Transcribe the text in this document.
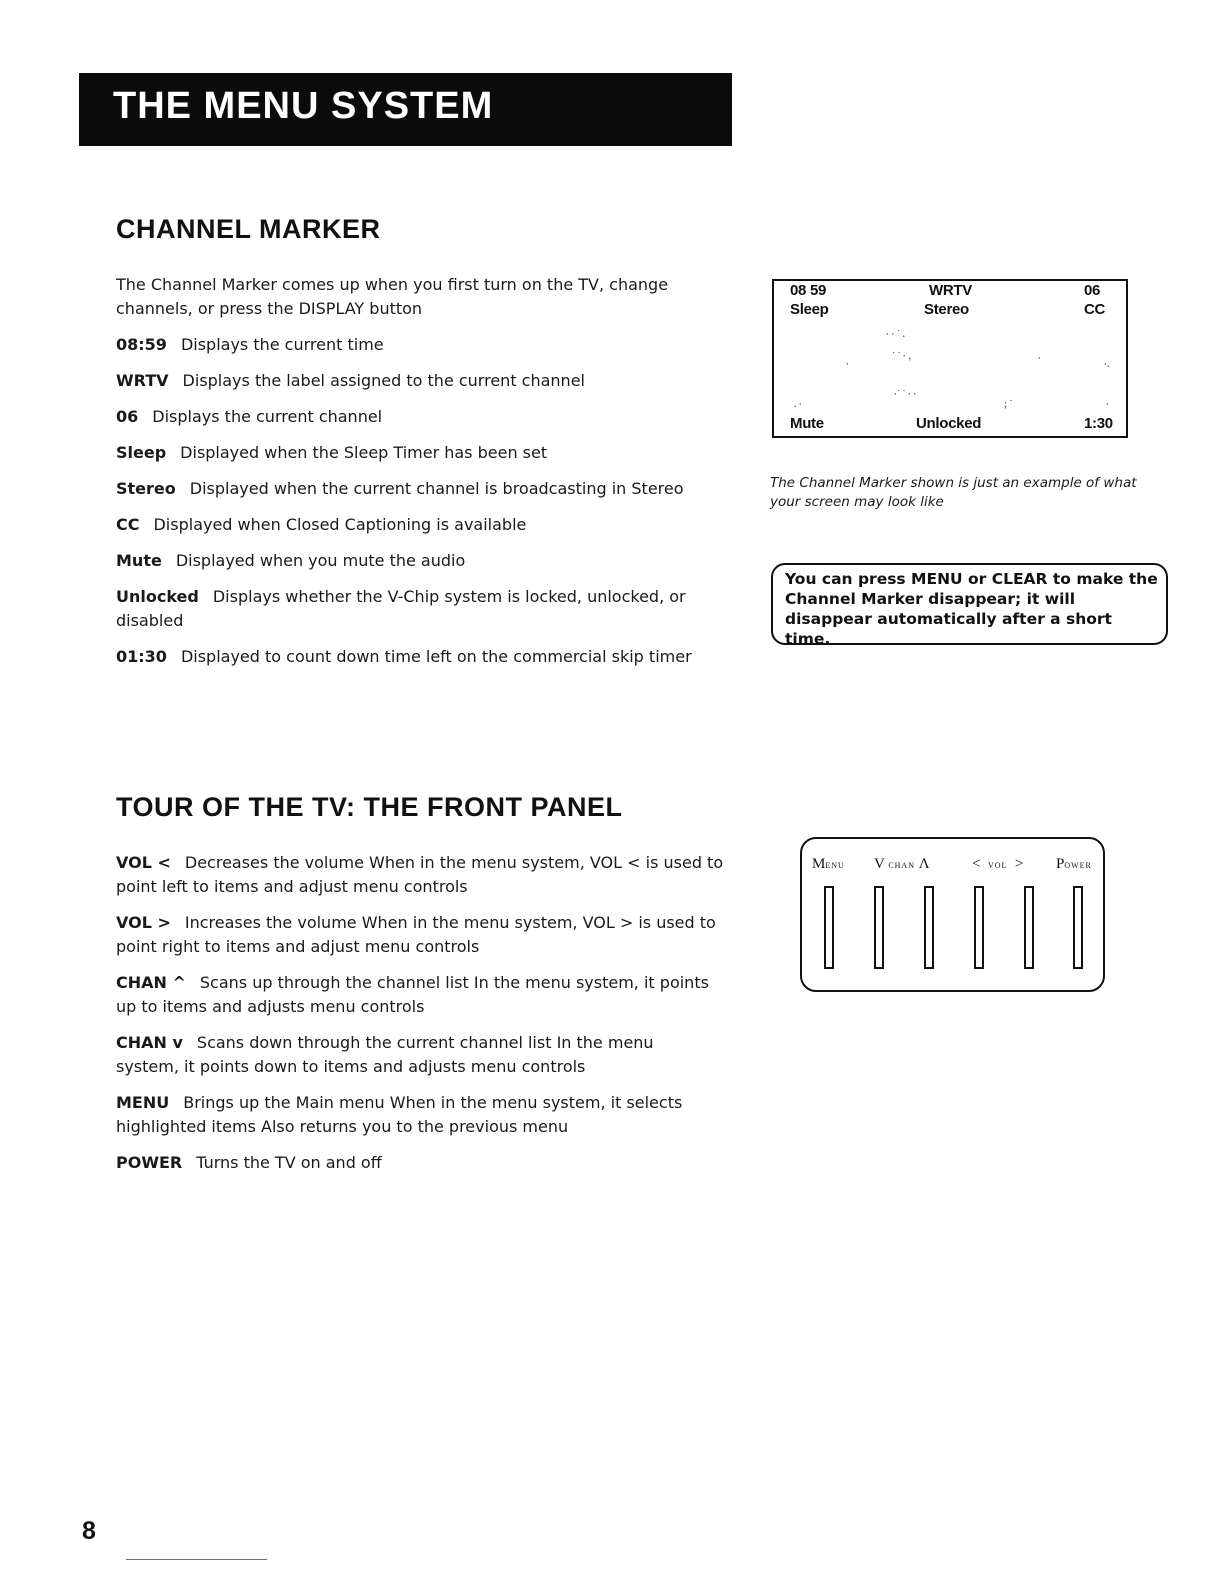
THE MENU SYSTEM
CHANNEL MARKER
The Channel Marker comes up when you first turn on the TV, change channels, or press the DISPLAY button
08:59 Displays the current time
WRTV Displays the label assigned to the current channel
06 Displays the current channel
Sleep Displayed when the Sleep Timer has been set
Stereo Displayed when the current channel is broadcasting in Stereo
CC Displayed when Closed Captioning is available
Mute Displayed when you mute the audio
Unlocked Displays whether the V-Chip system is locked, unlocked, or disabled
01:30 Displayed to count down time left on the commercial skip timer
08 59	WRTV	06
Sleep	Stereo	CC
Mute	Unlocked	1:30
· · ˙ .
˙ ˙ · ,
·
·
·.
·˙ ˙ · ·
. ·	; ˙	·
The Channel Marker shown is just an example of what your screen may look like
You can press MENU or CLEAR to make the Channel Marker disappear; it will disappear automatically after a short time.
TOUR OF THE TV: THE FRONT PANEL
VOL < Decreases the volume When in the menu system, VOL < is used to point left to items and adjust menu controls
VOL > Increases the volume When in the menu system, VOL > is used to point right to items and adjust menu controls
CHAN ^ Scans up through the channel list In the menu system, it points up to items and adjusts menu controls
CHAN v Scans down through the current channel list In the menu system, it points down to items and adjusts menu controls
MENU Brings up the Main menu When in the menu system, it selects highlighted items Also returns you to the previous menu
POWER Turns the TV on and off
MENU V CHAN Λ	< VOL > POWER
8
